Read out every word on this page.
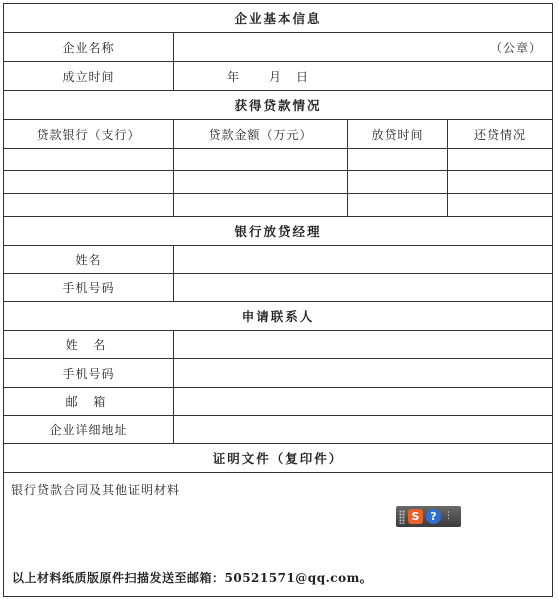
企业基本信息
企业名称	（公章）
成立时间	年 月 日
获得贷款情况
贷款银行（支行）	贷款金额（万元）	放贷时间	还贷情况
银行放贷经理
姓名
手机号码
申请联系人
姓 名
手机号码
邮 箱
企业详细地址
证明文件（复印件）
银行贷款合同及其他证明材料
S ? ⋮
以上材料纸质版原件扫描发送至邮箱：50521571@qq.com。
